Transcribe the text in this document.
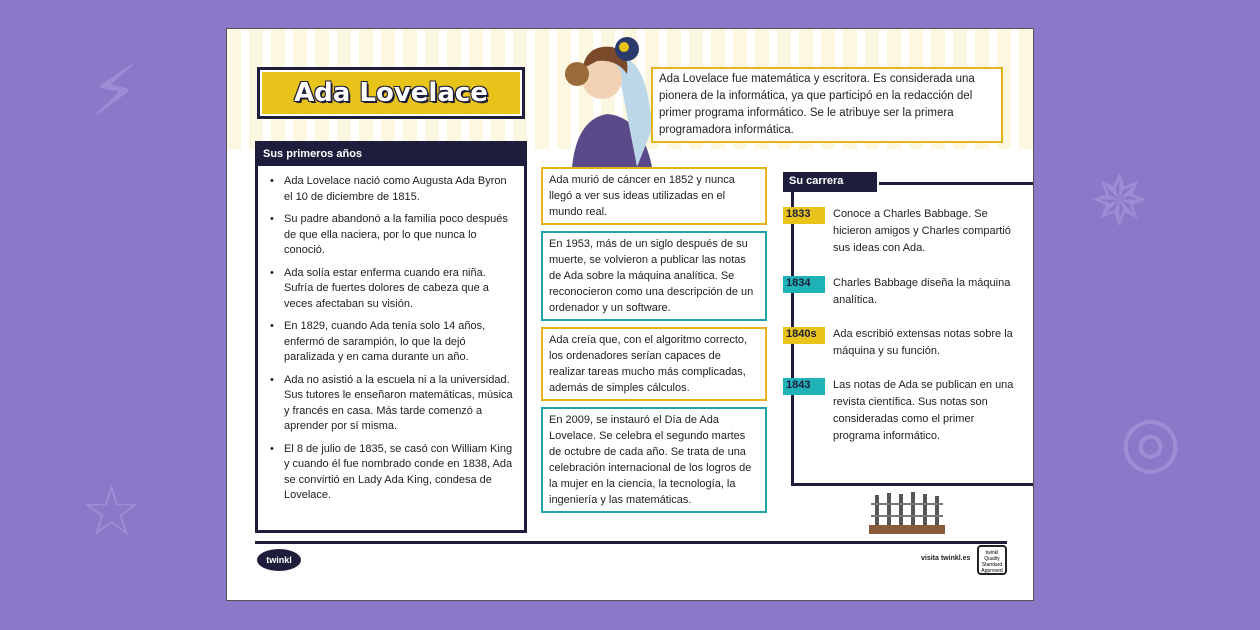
⚡
✵
☆
◎
Ada Lovelace	Ada Lovelace fue matemática y escritora. Es considerada una pionera de la informática, ya que participó en la redacción del primer programa informático. Se le atribuye ser la primera programadora informática.
Sus primeros años
• Ada Lovelace nació como Augusta Ada Byron el 10 de diciembre de 1815.
• Su padre abandonó a la familia poco después de que ella naciera, por lo que nunca lo conoció.
• Ada solía estar enferma cuando era niña. Sufría de fuertes dolores de cabeza que a veces afectaban su visión.
• En 1829, cuando Ada tenía solo 14 años, enfermó de sarampión, lo que la dejó paralizada y en cama durante un año.
• Ada no asistió a la escuela ni a la universidad. Sus tutores le enseñaron matemáticas, música y francés en casa. Más tarde comenzó a aprender por sí misma.
• El 8 de julio de 1835, se casó con William King y cuando él fue nombrado conde en 1838, Ada se convirtió en Lady Ada King, condesa de Lovelace.
Ada murió de cáncer en 1852 y nunca llegó a ver sus ideas utilizadas en el mundo real.
En 1953, más de un siglo después de su muerte, se volvieron a publicar las notas de Ada sobre la máquina analítica. Se reconocieron como una descripción de un ordenador y un software.
Ada creía que, con el algoritmo correcto, los ordenadores serían capaces de realizar tareas mucho más complicadas, además de simples cálculos.
En 2009, se instauró el Día de Ada Lovelace. Se celebra el segundo martes de octubre de cada año. Se trata de una celebración internacional de los logros de la mujer en la ciencia, la tecnología, la ingeniería y las matemáticas.
Su carrera
1833	Conoce a Charles Babbage. Se hicieron amigos y Charles compartió sus ideas con Ada.

1834	Charles Babbage diseña la máquina analítica.

1840s	Ada escribió extensas notas sobre la máquina y su función.

1843	Las notas de Ada se publican en una revista científica. Sus notas son consideradas como el primer programa informático.

twinkl	visita twinkl.es
twinkl Quality Standard Approved
